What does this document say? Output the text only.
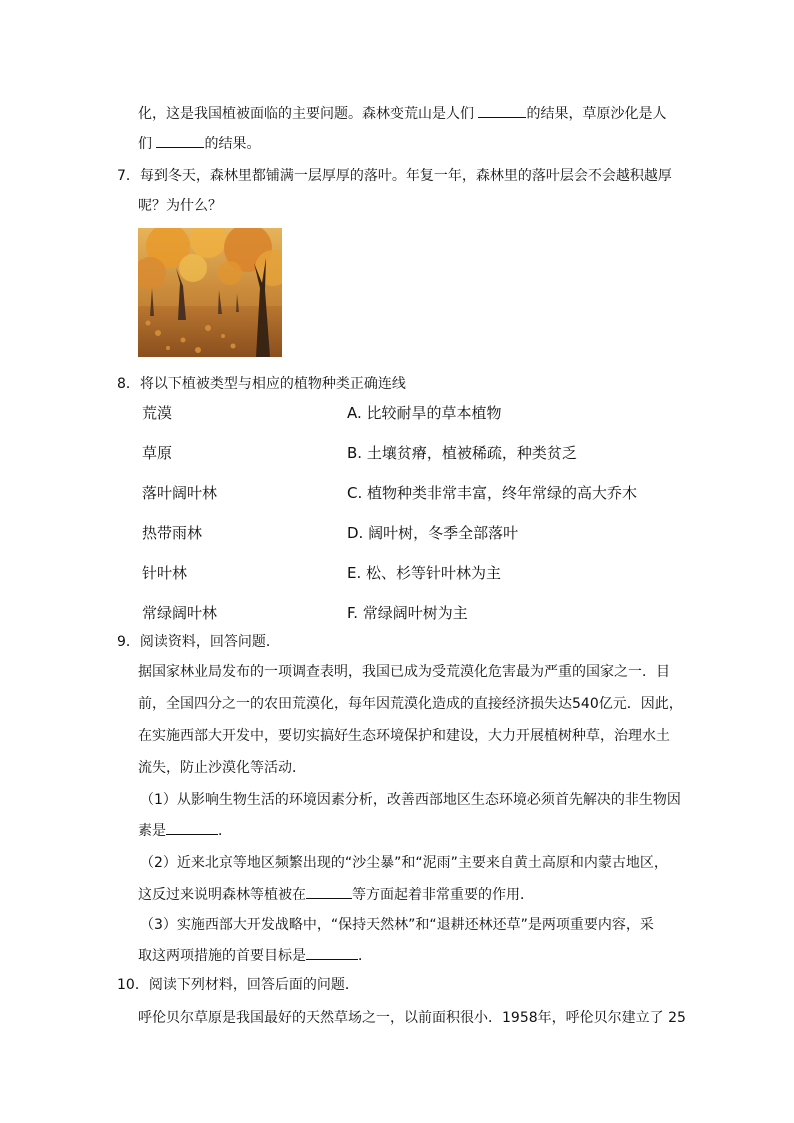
化，这是我国植被面临的主要问题。森林变荒山是人们	的结果，草原沙化是人
们	的结果。
7．每到冬天，森林里都铺满一层厚厚的落叶。年复一年，森林里的落叶层会不会越积越厚
呢？为什么？
8．将以下植被类型与相应的植物种类正确连线
荒漠	A. 比较耐旱的草本植物
草原	B. 土壤贫瘠，植被稀疏，种类贫乏
落叶阔叶林	C. 植物种类非常丰富，终年常绿的高大乔木
热带雨林	D. 阔叶树，冬季全部落叶
针叶林	E. 松、杉等针叶林为主
常绿阔叶林	F. 常绿阔叶树为主
9．阅读资料，回答问题．
据国家林业局发布的一项调查表明，我国已成为受荒漠化危害最为严重的国家之一．目
前，全国四分之一的农田荒漠化，每年因荒漠化造成的直接经济损失达540亿元．因此，
在实施西部大开发中，要切实搞好生态环境保护和建设，大力开展植树种草，治理水土
流失，防止沙漠化等活动．
（1）从影响生物生活的环境因素分析，改善西部地区生态环境必须首先解决的非生物因
素是	．
（2）近来北京等地区频繁出现的“沙尘暴”和“泥雨”主要来自黄土高原和内蒙古地区，
这反过来说明森林等植被在	等方面起着非常重要的作用．
（3）实施西部大开发战略中，“保持天然林”和“退耕还林还草”是两项重要内容，采
取这两项措施的首要目标是	．
10．阅读下列材料，回答后面的问题．
呼伦贝尔草原是我国最好的天然草场之一，以前面积很小．1958年，呼伦贝尔建立了 25
